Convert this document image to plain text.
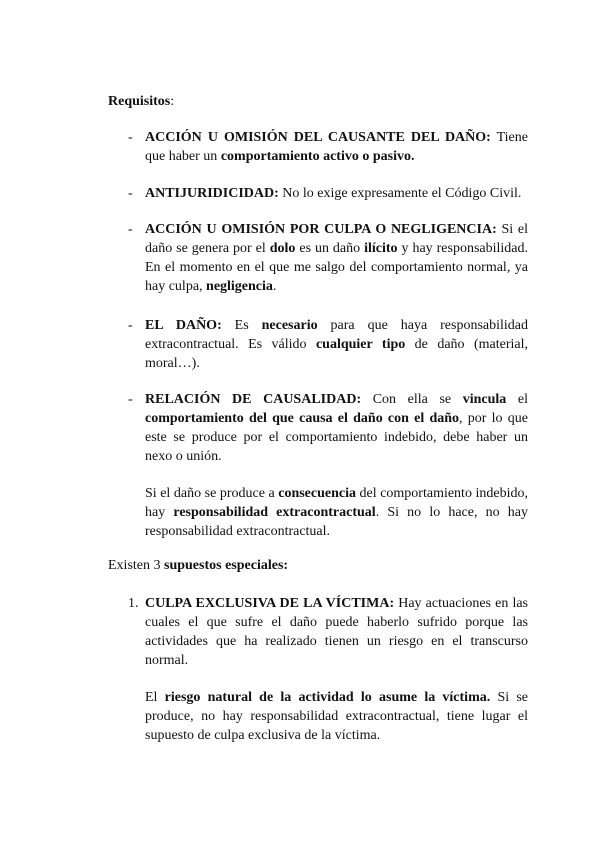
Requisitos:
- ACCIÓN U OMISIÓN DEL CAUSANTE DEL DAÑO: Tiene que haber un comportamiento activo o pasivo.
- ANTIJURIDICIDAD: No lo exige expresamente el Código Civil.
- ACCIÓN U OMISIÓN POR CULPA O NEGLIGENCIA: Si el daño se genera por el dolo es un daño ilícito y hay responsabilidad. En el momento en el que me salgo del comportamiento normal, ya hay culpa, negligencia.
- EL DAÑO: Es necesario para que haya responsabilidad extracontractual. Es válido cualquier tipo de daño (material, moral…).
- RELACIÓN DE CAUSALIDAD: Con ella se vincula el comportamiento del que causa el daño con el daño, por lo que este se produce por el comportamiento indebido, debe haber un nexo o unión.
Si el daño se produce a consecuencia del comportamiento indebido, hay responsabilidad extracontractual. Si no lo hace, no hay responsabilidad extracontractual.
Existen 3 supuestos especiales:
1. CULPA EXCLUSIVA DE LA VÍCTIMA: Hay actuaciones en las cuales el que sufre el daño puede haberlo sufrido porque las actividades que ha realizado tienen un riesgo en el transcurso normal.
El riesgo natural de la actividad lo asume la víctima. Si se produce, no hay responsabilidad extracontractual, tiene lugar el supuesto de culpa exclusiva de la víctima.
